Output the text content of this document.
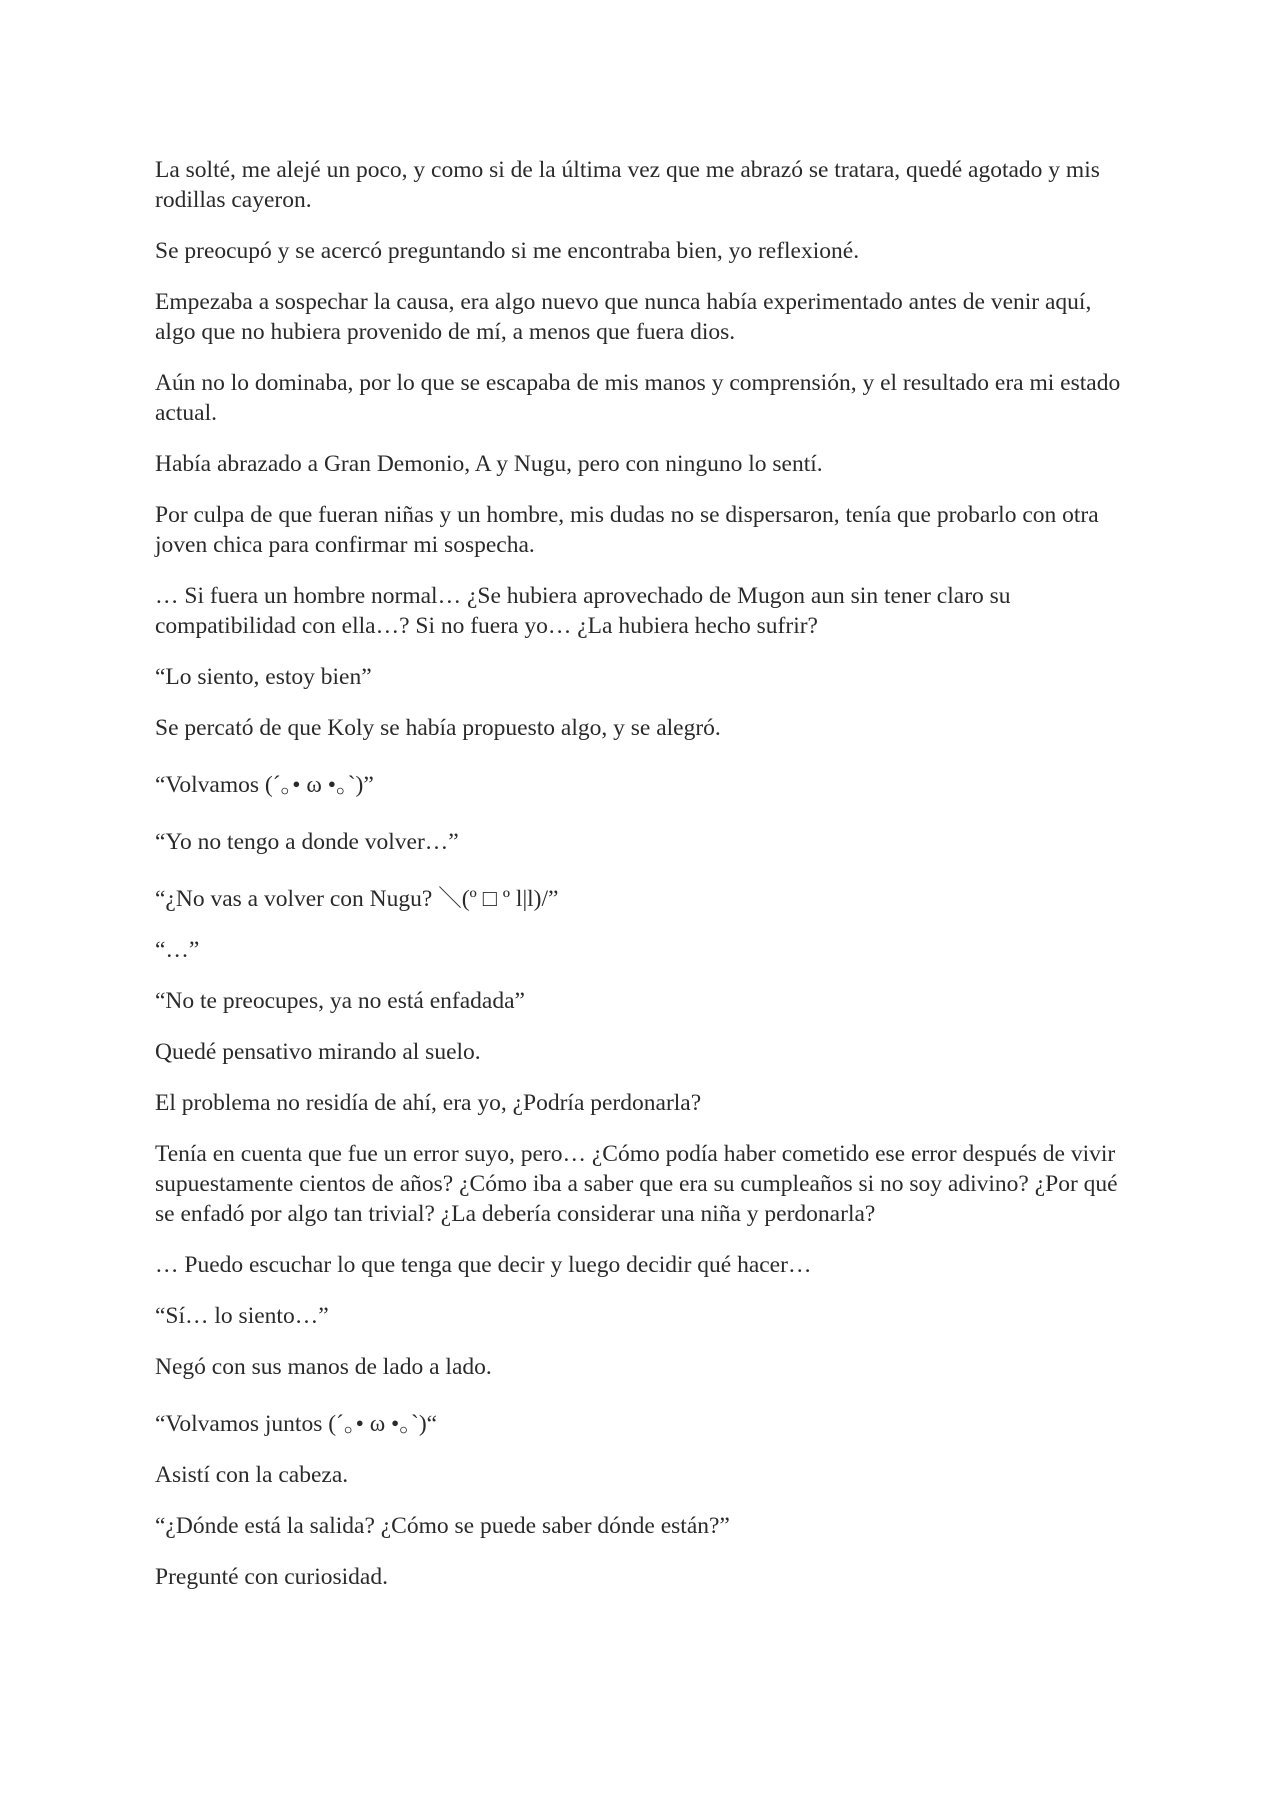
La solté, me alejé un poco, y como si de la última vez que me abrazó se tratara, quedé agotado y mis rodillas cayeron.

Se preocupó y se acercó preguntando si me encontraba bien, yo reflexioné.

Empezaba a sospechar la causa, era algo nuevo que nunca había experimentado antes de venir aquí, algo que no hubiera provenido de mí, a menos que fuera dios.

Aún no lo dominaba, por lo que se escapaba de mis manos y comprensión, y el resultado era mi estado actual.

Había abrazado a Gran Demonio, A y Nugu, pero con ninguno lo sentí.

Por culpa de que fueran niñas y un hombre, mis dudas no se dispersaron, tenía que probarlo con otra joven chica para confirmar mi sospecha.

… Si fuera un hombre normal… ¿Se hubiera aprovechado de Mugon aun sin tener claro su compatibilidad con ella…? Si no fuera yo… ¿La hubiera hecho sufrir?

“Lo siento, estoy bien”

Se percató de que Koly se había propuesto algo, y se alegró.

“Volvamos (´｡• ω •｡`)”

“Yo no tengo a donde volver…”

“¿No vas a volver con Nugu? ＼(º □ º l|l)/”

“…”

“No te preocupes, ya no está enfadada”

Quedé pensativo mirando al suelo.

El problema no residía de ahí, era yo, ¿Podría perdonarla?

Tenía en cuenta que fue un error suyo, pero… ¿Cómo podía haber cometido ese error después de vivir supuestamente cientos de años? ¿Cómo iba a saber que era su cumpleaños si no soy adivino? ¿Por qué se enfadó por algo tan trivial? ¿La debería considerar una niña y perdonarla?

… Puedo escuchar lo que tenga que decir y luego decidir qué hacer…

“Sí… lo siento…”

Negó con sus manos de lado a lado.

“Volvamos juntos (´｡• ω •｡`)“

Asistí con la cabeza.

“¿Dónde está la salida? ¿Cómo se puede saber dónde están?”

Pregunté con curiosidad.
